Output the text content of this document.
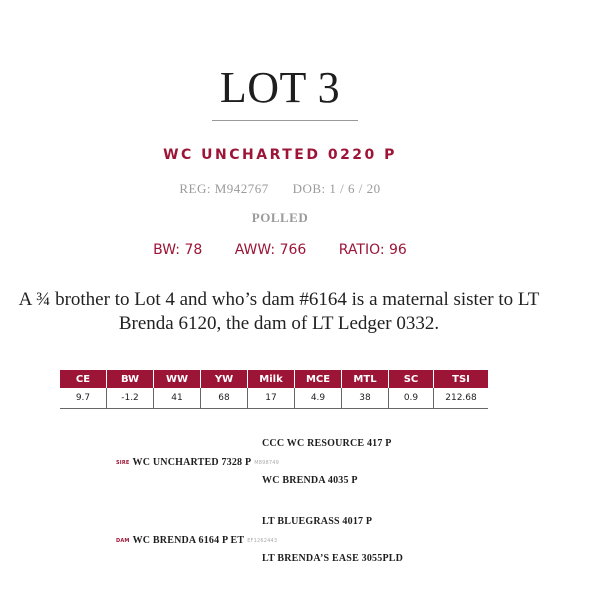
LOT 3
WC UNCHARTED 0220 P
REG: M942767 DOB: 1 / 6 / 20
POLLED
BW: 78 AWW: 766 RATIO: 96
A ¾ brother to Lot 4 and who’s dam #6164 is a maternal sister to LT Brenda 6120, the dam of LT Ledger 0332.
CE	BW	WW	YW	Milk	MCE	MTL	SC	TSI
9.7	-1.2	41	68	17	4.9	38	0.9	212.68
CCC WC RESOURCE 417 P
SIRE WC UNCHARTED 7328 P M898749
WC BRENDA 4035 P
LT BLUEGRASS 4017 P
DAM WC BRENDA 6164 P ET EF1262443
LT BRENDA’S EASE 3055PLD
